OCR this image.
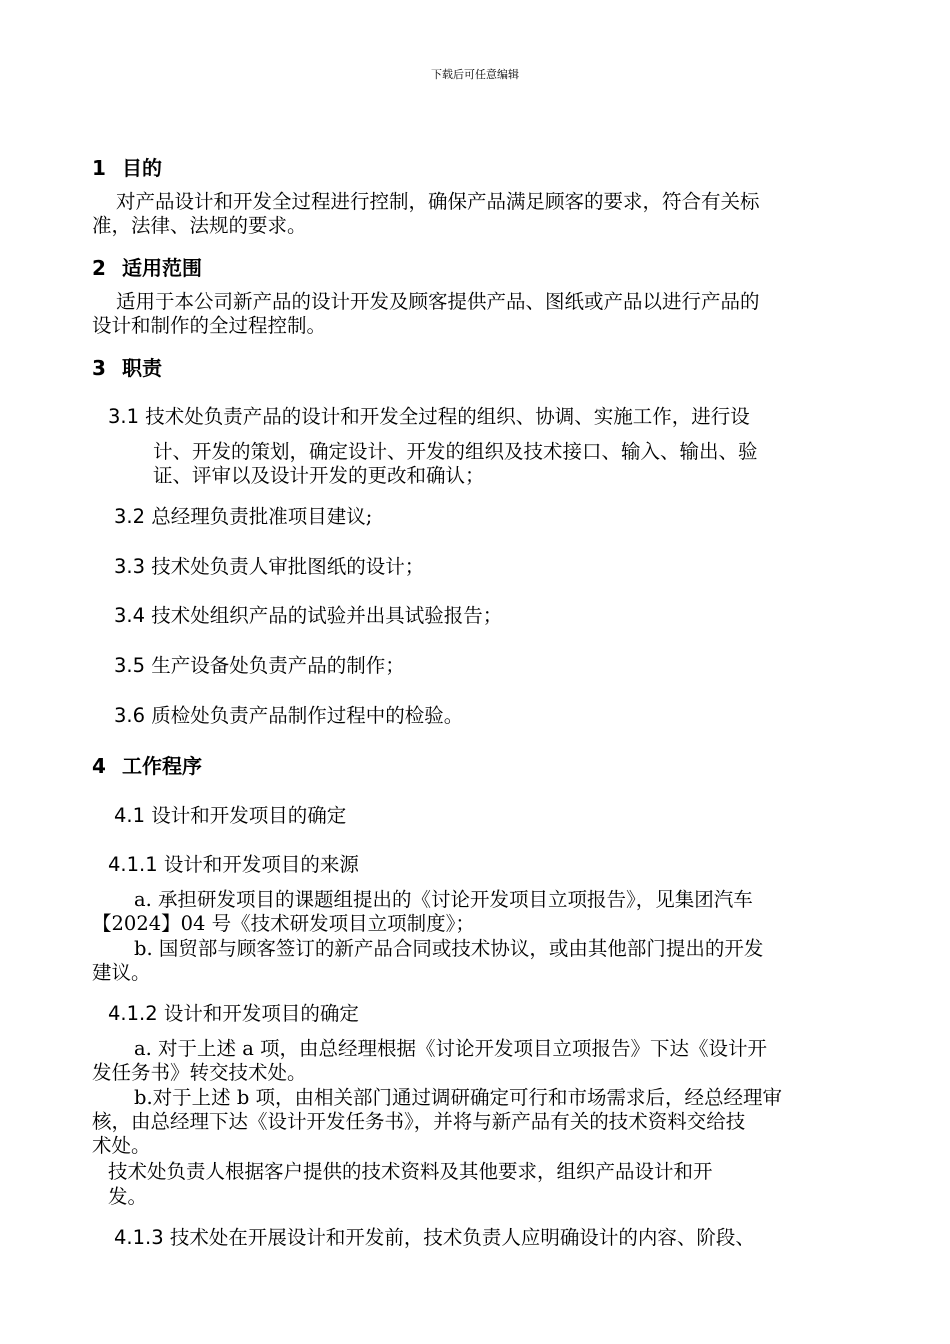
下载后可任意编辑
1 目的
对产品设计和开发全过程进行控制，确保产品满足顾客的要求，符合有关标
准，法律、法规的要求。
2 适用范围
适用于本公司新产品的设计开发及顾客提供产品、图纸或产品以进行产品的
设计和制作的全过程控制。
3 职责
3.1 技术处负责产品的设计和开发全过程的组织、协调、实施工作，进行设
计、开发的策划，确定设计、开发的组织及技术接口、输入、输出、验
证、评审以及设计开发的更改和确认；
3.2 总经理负责批准项目建议;
3.3 技术处负责人审批图纸的设计；
3.4 技术处组织产品的试验并出具试验报告；
3.5 生产设备处负责产品的制作；
3.6 质检处负责产品制作过程中的检验。
4 工作程序
4.1 设计和开发项目的确定
4.1.1 设计和开发项目的来源
a. 承担研发项目的课题组提出的《讨论开发项目立项报告》，见集团汽车
【2024】04 号《技术研发项目立项制度》；
b. 国贸部与顾客签订的新产品合同或技术协议，或由其他部门提出的开发
建议。
4.1.2 设计和开发项目的确定
a. 对于上述 a 项，由总经理根据《讨论开发项目立项报告》下达《设计开
发任务书》转交技术处。
b.对于上述 b 项，由相关部门通过调研确定可行和市场需求后，经总经理审
核，由总经理下达《设计开发任务书》，并将与新产品有关的技术资料交给技
术处。
技术处负责人根据客户提供的技术资料及其他要求，组织产品设计和开
发。
4.1.3 技术处在开展设计和开发前，技术负责人应明确设计的内容、阶段、
